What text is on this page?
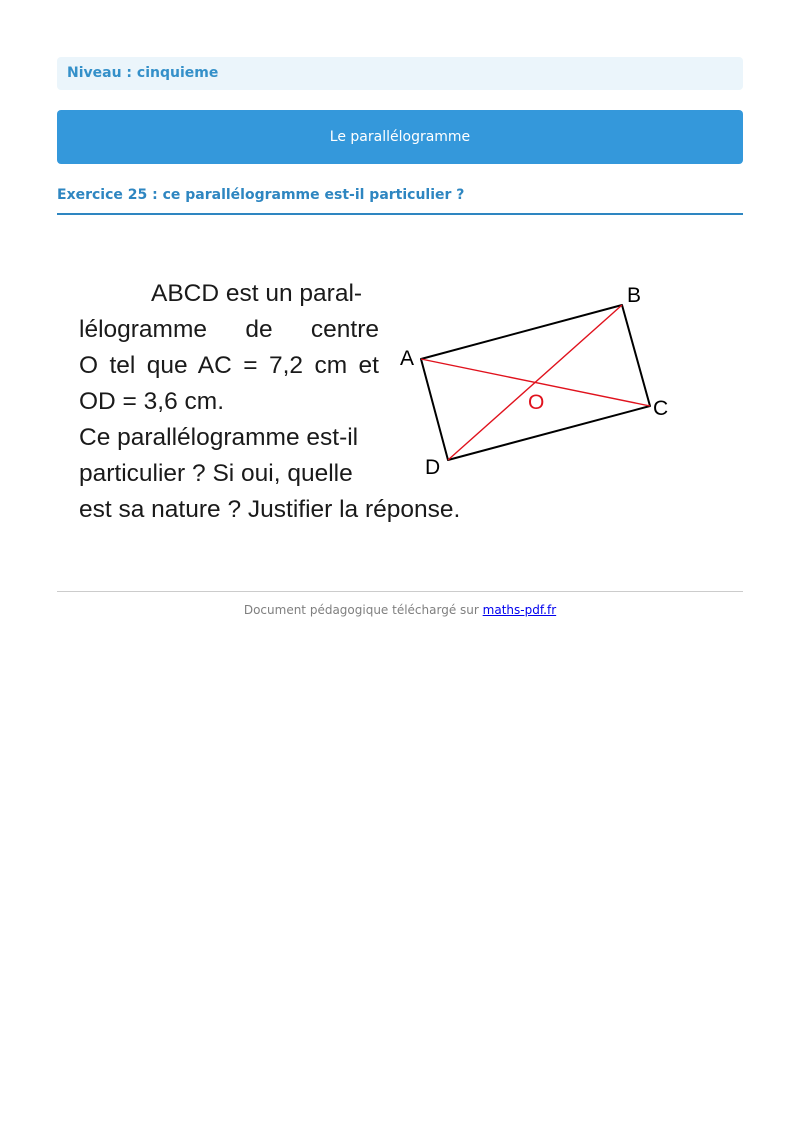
Niveau : cinquieme
Le parallélogramme
Exercice 25 : ce parallélogramme est-il particulier ?

ABCD est un paral-
lélogramme de centre
O tel que AC = 7,2 cm et
OD = 3,6 cm.
Ce parallélogramme est-il
particulier ? Si oui, quelle
est sa nature ? Justifier la réponse.

A
B
C
D
O
Document pédagogique téléchargé sur maths-pdf.fr
